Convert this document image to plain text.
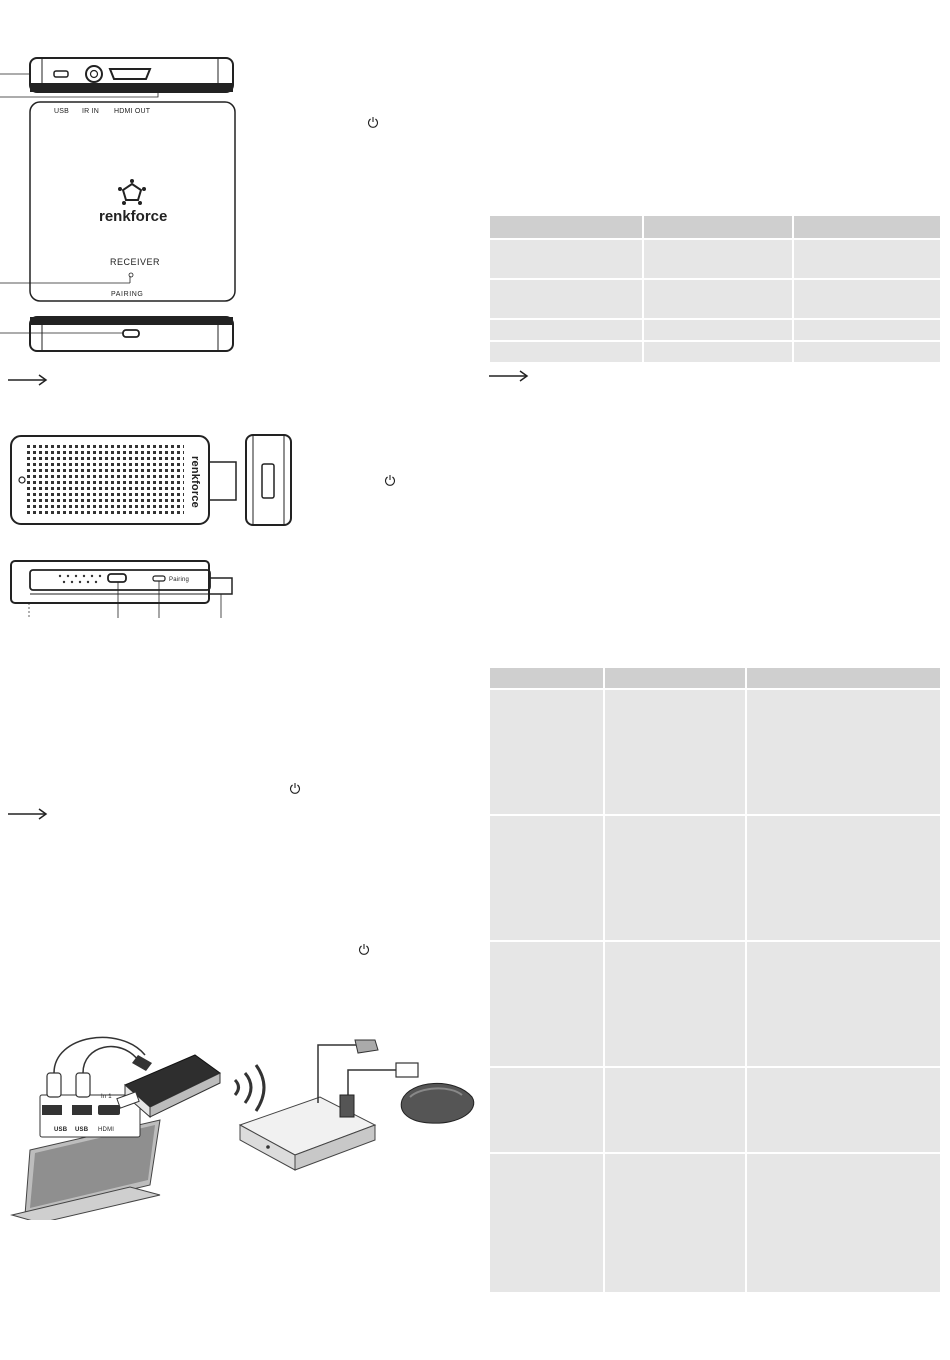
USB IR IN HDMI OUT
renkforce
RECEIVER
PAIRING
renkforce
Pairing
USB USB HDMI
In 1
